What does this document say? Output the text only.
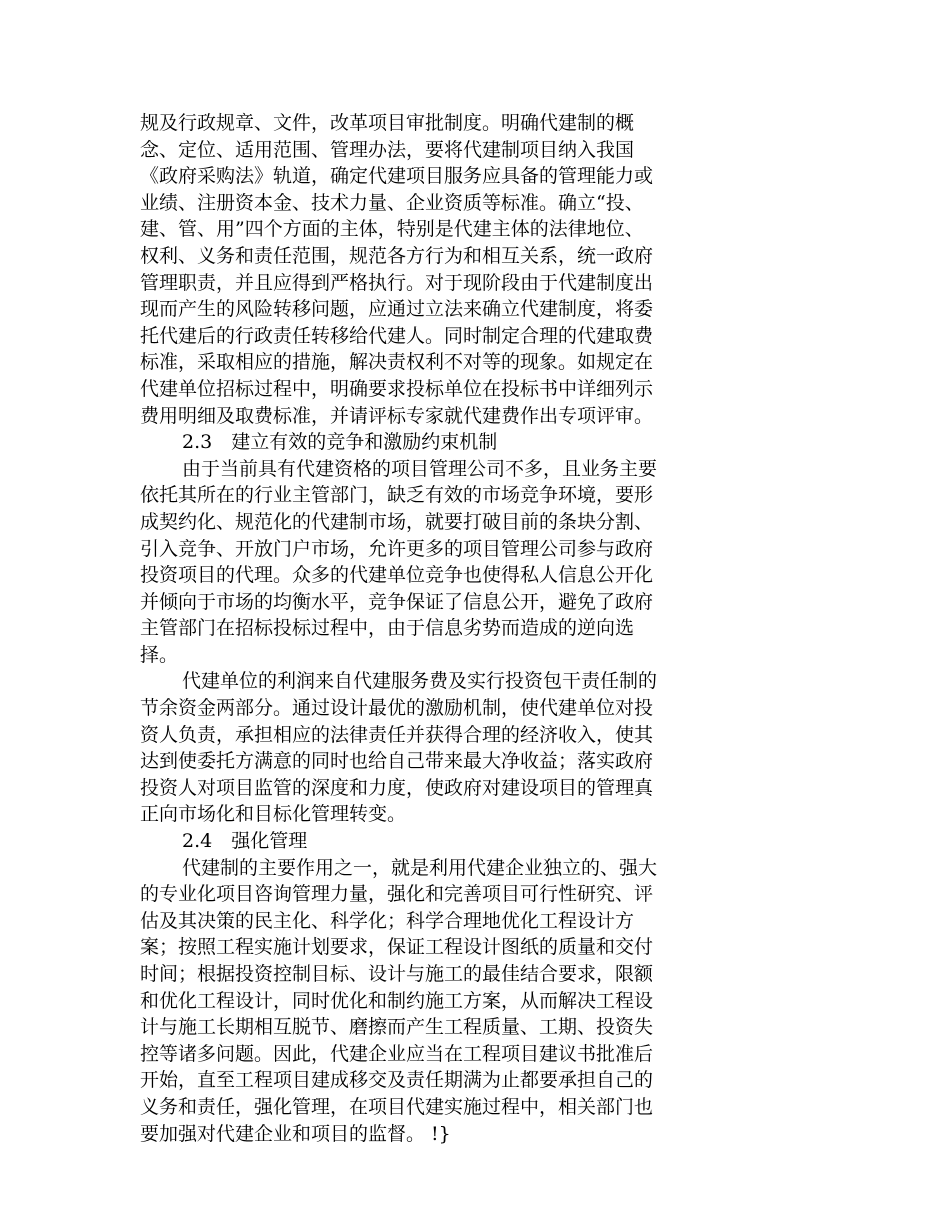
规及行政规章、文件，改革项目审批制度。明确代建制的概
念、定位、适用范围、管理办法，要将代建制项目纳入我国
《政府采购法》轨道，确定代建项目服务应具备的管理能力或
业绩、注册资本金、技术力量、企业资质等标准。确立“投、
建、管、用”四个方面的主体，特别是代建主体的法律地位、
权利、义务和责任范围，规范各方行为和相互关系，统一政府
管理职责，并且应得到严格执行。对于现阶段由于代建制度出
现而产生的风险转移问题，应通过立法来确立代建制度，将委
托代建后的行政责任转移给代建人。同时制定合理的代建取费
标准，采取相应的措施，解决责权利不对等的现象。如规定在
代建单位招标过程中，明确要求投标单位在投标书中详细列示
费用明细及取费标准，并请评标专家就代建费作出专项评审。
2.3　建立有效的竞争和激励约束机制
由于当前具有代建资格的项目管理公司不多，且业务主要
依托其所在的行业主管部门，缺乏有效的市场竞争环境，要形
成契约化、规范化的代建制市场，就要打破目前的条块分割、
引入竞争、开放门户市场，允许更多的项目管理公司参与政府
投资项目的代理。众多的代建单位竞争也使得私人信息公开化
并倾向于市场的均衡水平，竞争保证了信息公开，避免了政府
主管部门在招标投标过程中，由于信息劣势而造成的逆向选
择。
代建单位的利润来自代建服务费及实行投资包干责任制的
节余资金两部分。通过设计最优的激励机制，使代建单位对投
资人负责，承担相应的法律责任并获得合理的经济收入，使其
达到使委托方满意的同时也给自己带来最大净收益；落实政府
投资人对项目监管的深度和力度，使政府对建设项目的管理真
正向市场化和目标化管理转变。
2.4　强化管理
代建制的主要作用之一，就是利用代建企业独立的、强大
的专业化项目咨询管理力量，强化和完善项目可行性研究、评
估及其决策的民主化、科学化；科学合理地优化工程设计方
案；按照工程实施计划要求，保证工程设计图纸的质量和交付
时间；根据投资控制目标、设计与施工的最佳结合要求，限额
和优化工程设计，同时优化和制约施工方案，从而解决工程设
计与施工长期相互脱节、磨擦而产生工程质量、工期、投资失
控等诸多问题。因此，代建企业应当在工程项目建议书批准后
开始，直至工程项目建成移交及责任期满为止都要承担自己的
义务和责任，强化管理，在项目代建实施过程中，相关部门也
要加强对代建企业和项目的监督。 !}
